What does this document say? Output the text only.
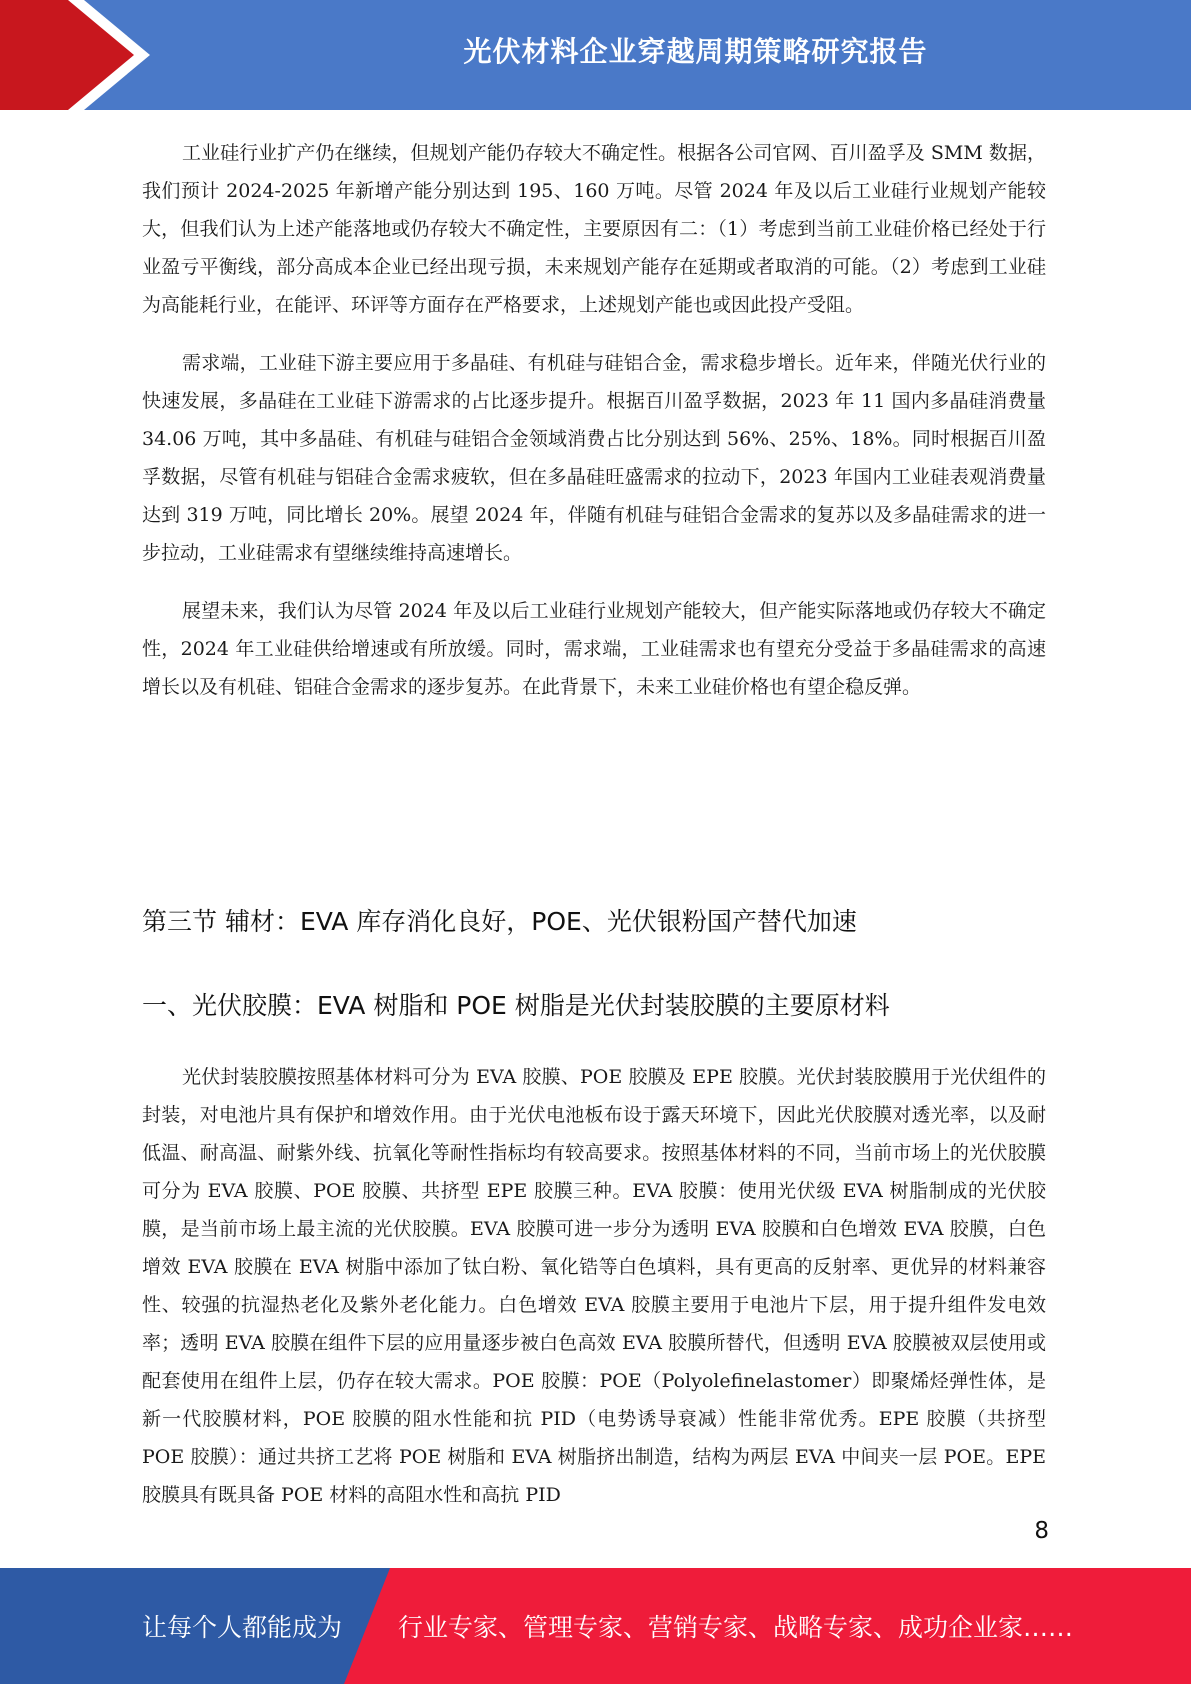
光伏材料企业穿越周期策略研究报告

工业硅行业扩产仍在继续，但规划产能仍存较大不确定性。根据各公司官网、百川盈孚及 SMM 数据，我们预计 2024-2025 年新增产能分别达到 195、160 万吨。尽管 2024 年及以后工业硅行业规划产能较大，但我们认为上述产能落地或仍存较大不确定性，主要原因有二：（1）考虑到当前工业硅价格已经处于行业盈亏平衡线，部分高成本企业已经出现亏损，未来规划产能存在延期或者取消的可能。（2）考虑到工业硅为高能耗行业，在能评、环评等方面存在严格要求，上述规划产能也或因此投产受阻。

需求端，工业硅下游主要应用于多晶硅、有机硅与硅铝合金，需求稳步增长。近年来，伴随光伏行业的快速发展，多晶硅在工业硅下游需求的占比逐步提升。根据百川盈孚数据，2023 年 11 国内多晶硅消费量 34.06 万吨，其中多晶硅、有机硅与硅铝合金领域消费占比分别达到 56%、25%、18%。同时根据百川盈孚数据，尽管有机硅与铝硅合金需求疲软，但在多晶硅旺盛需求的拉动下，2023 年国内工业硅表观消费量达到 319 万吨，同比增长 20%。展望 2024 年，伴随有机硅与硅铝合金需求的复苏以及多晶硅需求的进一步拉动，工业硅需求有望继续维持高速增长。

展望未来，我们认为尽管 2024 年及以后工业硅行业规划产能较大，但产能实际落地或仍存较大不确定性，2024 年工业硅供给增速或有所放缓。同时，需求端，工业硅需求也有望充分受益于多晶硅需求的高速增长以及有机硅、铝硅合金需求的逐步复苏。在此背景下，未来工业硅价格也有望企稳反弹。

第三节 辅材：EVA 库存消化良好，POE、光伏银粉国产替代加速
一、光伏胶膜：EVA 树脂和 POE 树脂是光伏封装胶膜的主要原材料

光伏封装胶膜按照基体材料可分为 EVA 胶膜、POE 胶膜及 EPE 胶膜。光伏封装胶膜用于光伏组件的封装，对电池片具有保护和增效作用。由于光伏电池板布设于露天环境下，因此光伏胶膜对透光率，以及耐低温、耐高温、耐紫外线、抗氧化等耐性指标均有较高要求。按照基体材料的不同，当前市场上的光伏胶膜可分为 EVA 胶膜、POE 胶膜、共挤型 EPE 胶膜三种。EVA 胶膜：使用光伏级 EVA 树脂制成的光伏胶膜，是当前市场上最主流的光伏胶膜。EVA 胶膜可进一步分为透明 EVA 胶膜和白色增效 EVA 胶膜，白色增效 EVA 胶膜在 EVA 树脂中添加了钛白粉、氧化锆等白色填料，具有更高的反射率、更优异的材料兼容性、较强的抗湿热老化及紫外老化能力。白色增效 EVA 胶膜主要用于电池片下层，用于提升组件发电效率；透明 EVA 胶膜在组件下层的应用量逐步被白色高效 EVA 胶膜所替代，但透明 EVA 胶膜被双层使用或配套使用在组件上层，仍存在较大需求。POE 胶膜：POE（Polyolefinelastomer）即聚烯烃弹性体，是新一代胶膜材料，POE 胶膜的阻水性能和抗 PID（电势诱导衰减）性能非常优秀。EPE 胶膜（共挤型 POE 胶膜）：通过共挤工艺将 POE 树脂和 EVA 树脂挤出制造，结构为两层 EVA 中间夹一层 POE。EPE 胶膜具有既具备 POE 材料的高阻水性和高抗 PID

8
让每个人都能成为 行业专家、管理专家、营销专家、战略专家、成功企业家……
